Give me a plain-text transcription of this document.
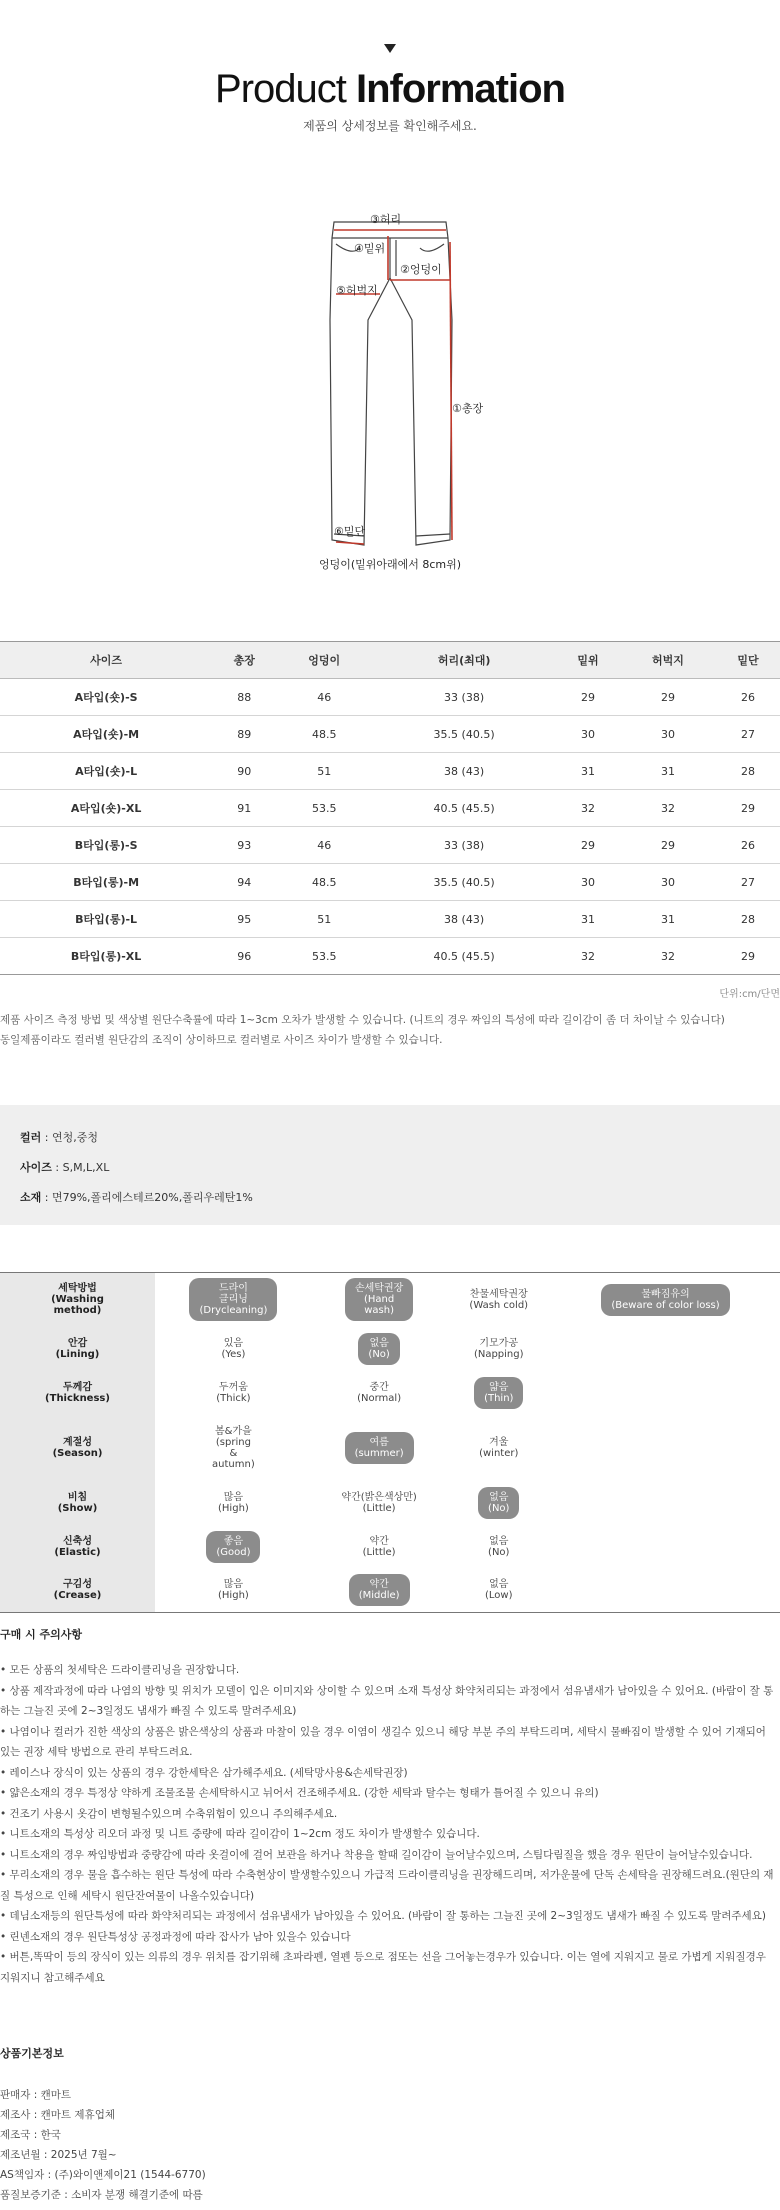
Product Information
제품의 상세정보를 확인해주세요.
③허리
④밑위
②엉덩이
⑤허벅지
①총장
⑥밑단
엉덩이(밑위아래에서 8cm위)
사이즈	총장	엉덩이	허리(최대)	밑위	허벅지	밑단
A타입(숏)-S	88	46	33 (38)	29	29	26
A타입(숏)-M	89	48.5	35.5 (40.5)	30	30	27
A타입(숏)-L	90	51	38 (43)	31	31	28
A타입(숏)-XL	91	53.5	40.5 (45.5)	32	32	29
B타입(롱)-S	93	46	33 (38)	29	29	26
B타입(롱)-M	94	48.5	35.5 (40.5)	30	30	27
B타입(롱)-L	95	51	38 (43)	31	31	28
B타입(롱)-XL	96	53.5	40.5 (45.5)	32	32	29
단위:cm/단면
제품 사이즈 측정 방법 및 색상별 원단수축률에 따라 1~3cm 오차가 발생할 수 있습니다. (니트의 경우 짜임의 특성에 따라 길이감이 좀 더 차이날 수 있습니다)
동일제품이라도 컬러별 원단감의 조직이 상이하므로 컬러별로 사이즈 차이가 발생할 수 있습니다.
컬러 : 연청,중청
사이즈 : S,M,L,XL
소재 : 면79%,폴리에스테르20%,폴리우레탄1%
세탁방법
(Washing
method)	드라이
클리닝
(Drycleaning)	손세탁권장
(Hand
wash)	찬물세탁권장
(Wash cold)	물빠짐유의
(Beware of color loss)
안감
(Lining)	있음
(Yes)	없음
(No)	기모가공
(Napping)	
두께감
(Thickness)	두꺼움
(Thick)	중간
(Normal)	얇음
(Thin)	
계절성
(Season)	봄&가을
(spring
&
autumn)	여름
(summer)	겨울
(winter)	
비침
(Show)	많음
(High)	약간(밝은색상만)
(Little)	없음
(No)	
신축성
(Elastic)	좋음
(Good)	약간
(Little)	없음
(No)	
구김성
(Crease)	많음
(High)	약간
(Middle)	없음
(Low)	
구매 시 주의사항
• 모든 상품의 첫세탁은 드라이클리닝을 권장합니다.
• 상품 제작과정에 따라 나염의 방향 및 위치가 모델이 입은 이미지와 상이할 수 있으며 소재 특성상 화약처리되는 과정에서 섬유냄새가 남아있을 수 있어요. (바람이 잘 통
하는 그늘진 곳에 2~3일정도 냄새가 빠질 수 있도록 말려주세요)
• 나염이나 컬러가 진한 색상의 상품은 밝은색상의 상품과 마찰이 있을 경우 이염이 생길수 있으니 해당 부분 주의 부탁드리며, 세탁시 물빠짐이 발생할 수 있어 기재되어
있는 권장 세탁 방법으로 관리 부탁드려요.
• 레이스나 장식이 있는 상품의 경우 강한세탁은 삼가해주세요. (세탁망사용&손세탁권장)
• 얇은소재의 경우 특정상 약하게 조물조물 손세탁하시고 뉘어서 건조해주세요. (강한 세탁과 탈수는 형태가 틀어질 수 있으니 유의)
• 건조기 사용시 옷감이 변형될수있으며 수축위험이 있으니 주의해주세요.
• 니트소재의 특성상 리오더 과정 및 니트 중량에 따라 길이감이 1~2cm 정도 차이가 발생할수 있습니다.
• 니트소재의 경우 짜임방법과 중량감에 따라 옷걸이에 걸어 보관을 하거나 착용을 할때 길이감이 늘어날수있으며, 스팀다림질을 했을 경우 원단이 늘어날수있습니다.
• 무리소재의 경우 물을 흡수하는 원단 특성에 따라 수축현상이 발생할수있으니 가급적 드라이클리닝을 권장해드리며, 저가운물에 단독 손세탁을 권장해드려요.(원단의 재
질 특성으로 인해 세탁시 원단잔여물이 나올수있습니다)
• 데님소재등의 원단특성에 따라 화약처리되는 과정에서 섬유냄새가 남아있을 수 있어요. (바람이 잘 통하는 그늘진 곳에 2~3일정도 냄새가 빠질 수 있도록 말려주세요)
• 린넨소재의 경우 원단특성상 공정과정에 따라 잡사가 남아 있을수 있습니다
• 버튼,똑딱이 등의 장식이 있는 의류의 경우 위치를 잡기위해 초파라펜, 열펜 등으로 점또는 선을 그어놓는경우가 있습니다. 이는 열에 지워지고 물로 가볍게 지워질경우
지워지니 참고해주세요
상품기본정보
판매자 : 캔마트
제조사 : 캔마트 제휴업체
제조국 : 한국
제조년월 : 2025년 7월~
AS책임자 : (주)와이앤제이21 (1544-6770)
품질보증기준 : 소비자 분쟁 해결기준에 따름
